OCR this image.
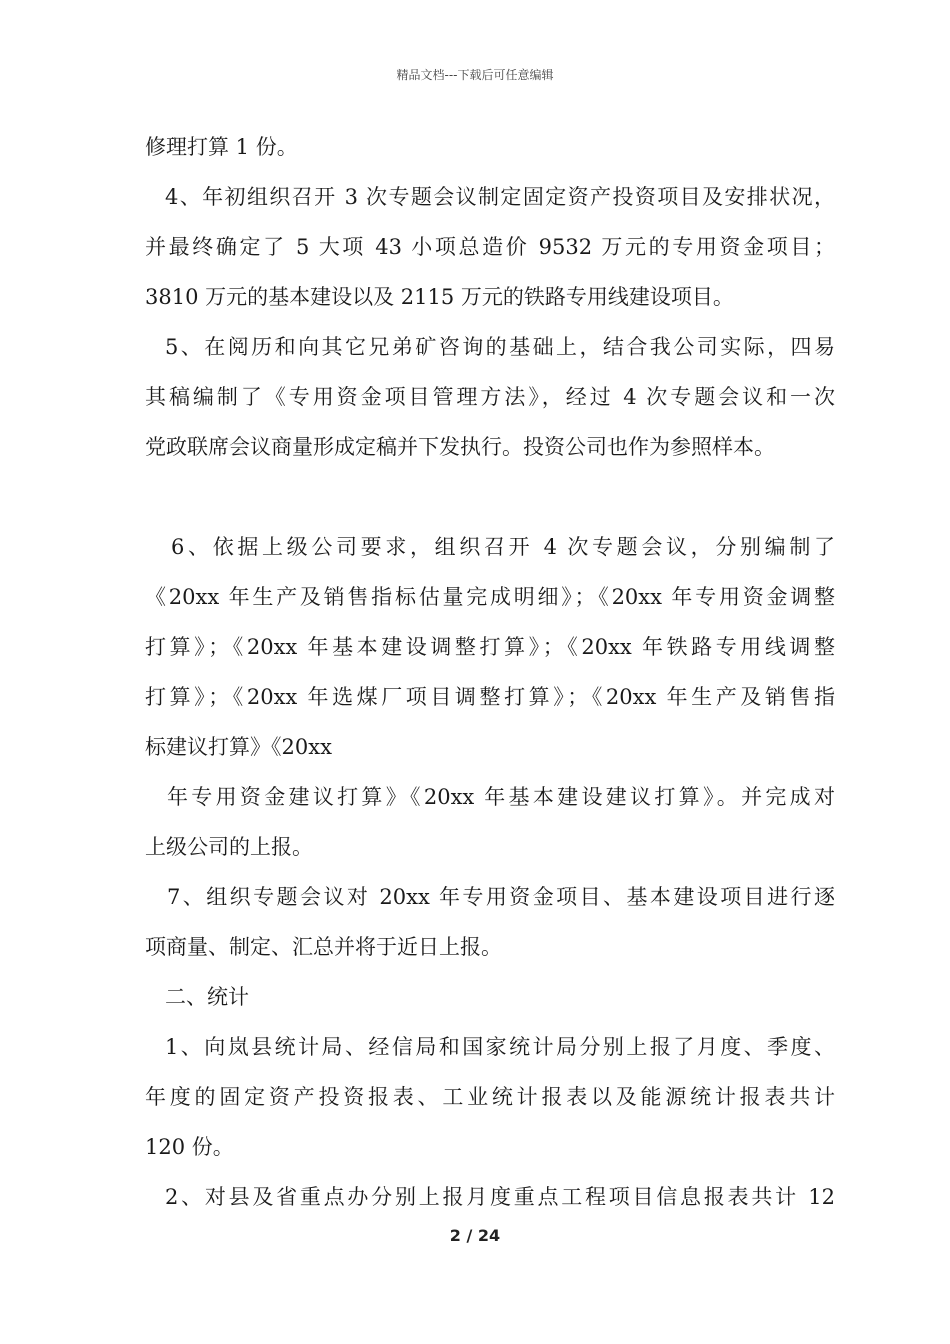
精品文档---下载后可任意编辑
修理打算 1 份。
4、年初组织召开 3 次专题会议制定固定资产投资项目及安排状况，
并最终确定了 5 大项 43 小项总造价 9532 万元的专用资金项目；
3810 万元的基本建设以及 2115 万元的铁路专用线建设项目。
5、在阅历和向其它兄弟矿咨询的基础上，结合我公司实际，四易
其稿编制了《专用资金项目管理方法》，经过 4 次专题会议和一次
党政联席会议商量形成定稿并下发执行。投资公司也作为参照样本。
6、依据上级公司要求，组织召开 4 次专题会议，分别编制了
《20xx 年生产及销售指标估量完成明细》；《20xx 年专用资金调整
打算》；《20xx 年基本建设调整打算》；《20xx 年铁路专用线调整
打算》；《20xx 年选煤厂项目调整打算》；《20xx 年生产及销售指
标建议打算》《20xx
年专用资金建议打算》《20xx 年基本建设建议打算》。并完成对
上级公司的上报。
7、组织专题会议对 20xx 年专用资金项目、基本建设项目进行逐
项商量、制定、汇总并将于近日上报。
二、统计
1、向岚县统计局、经信局和国家统计局分别上报了月度、季度、
年度的固定资产投资报表、工业统计报表以及能源统计报表共计
120 份。
2、对县及省重点办分别上报月度重点工程项目信息报表共计 12
2 / 24
